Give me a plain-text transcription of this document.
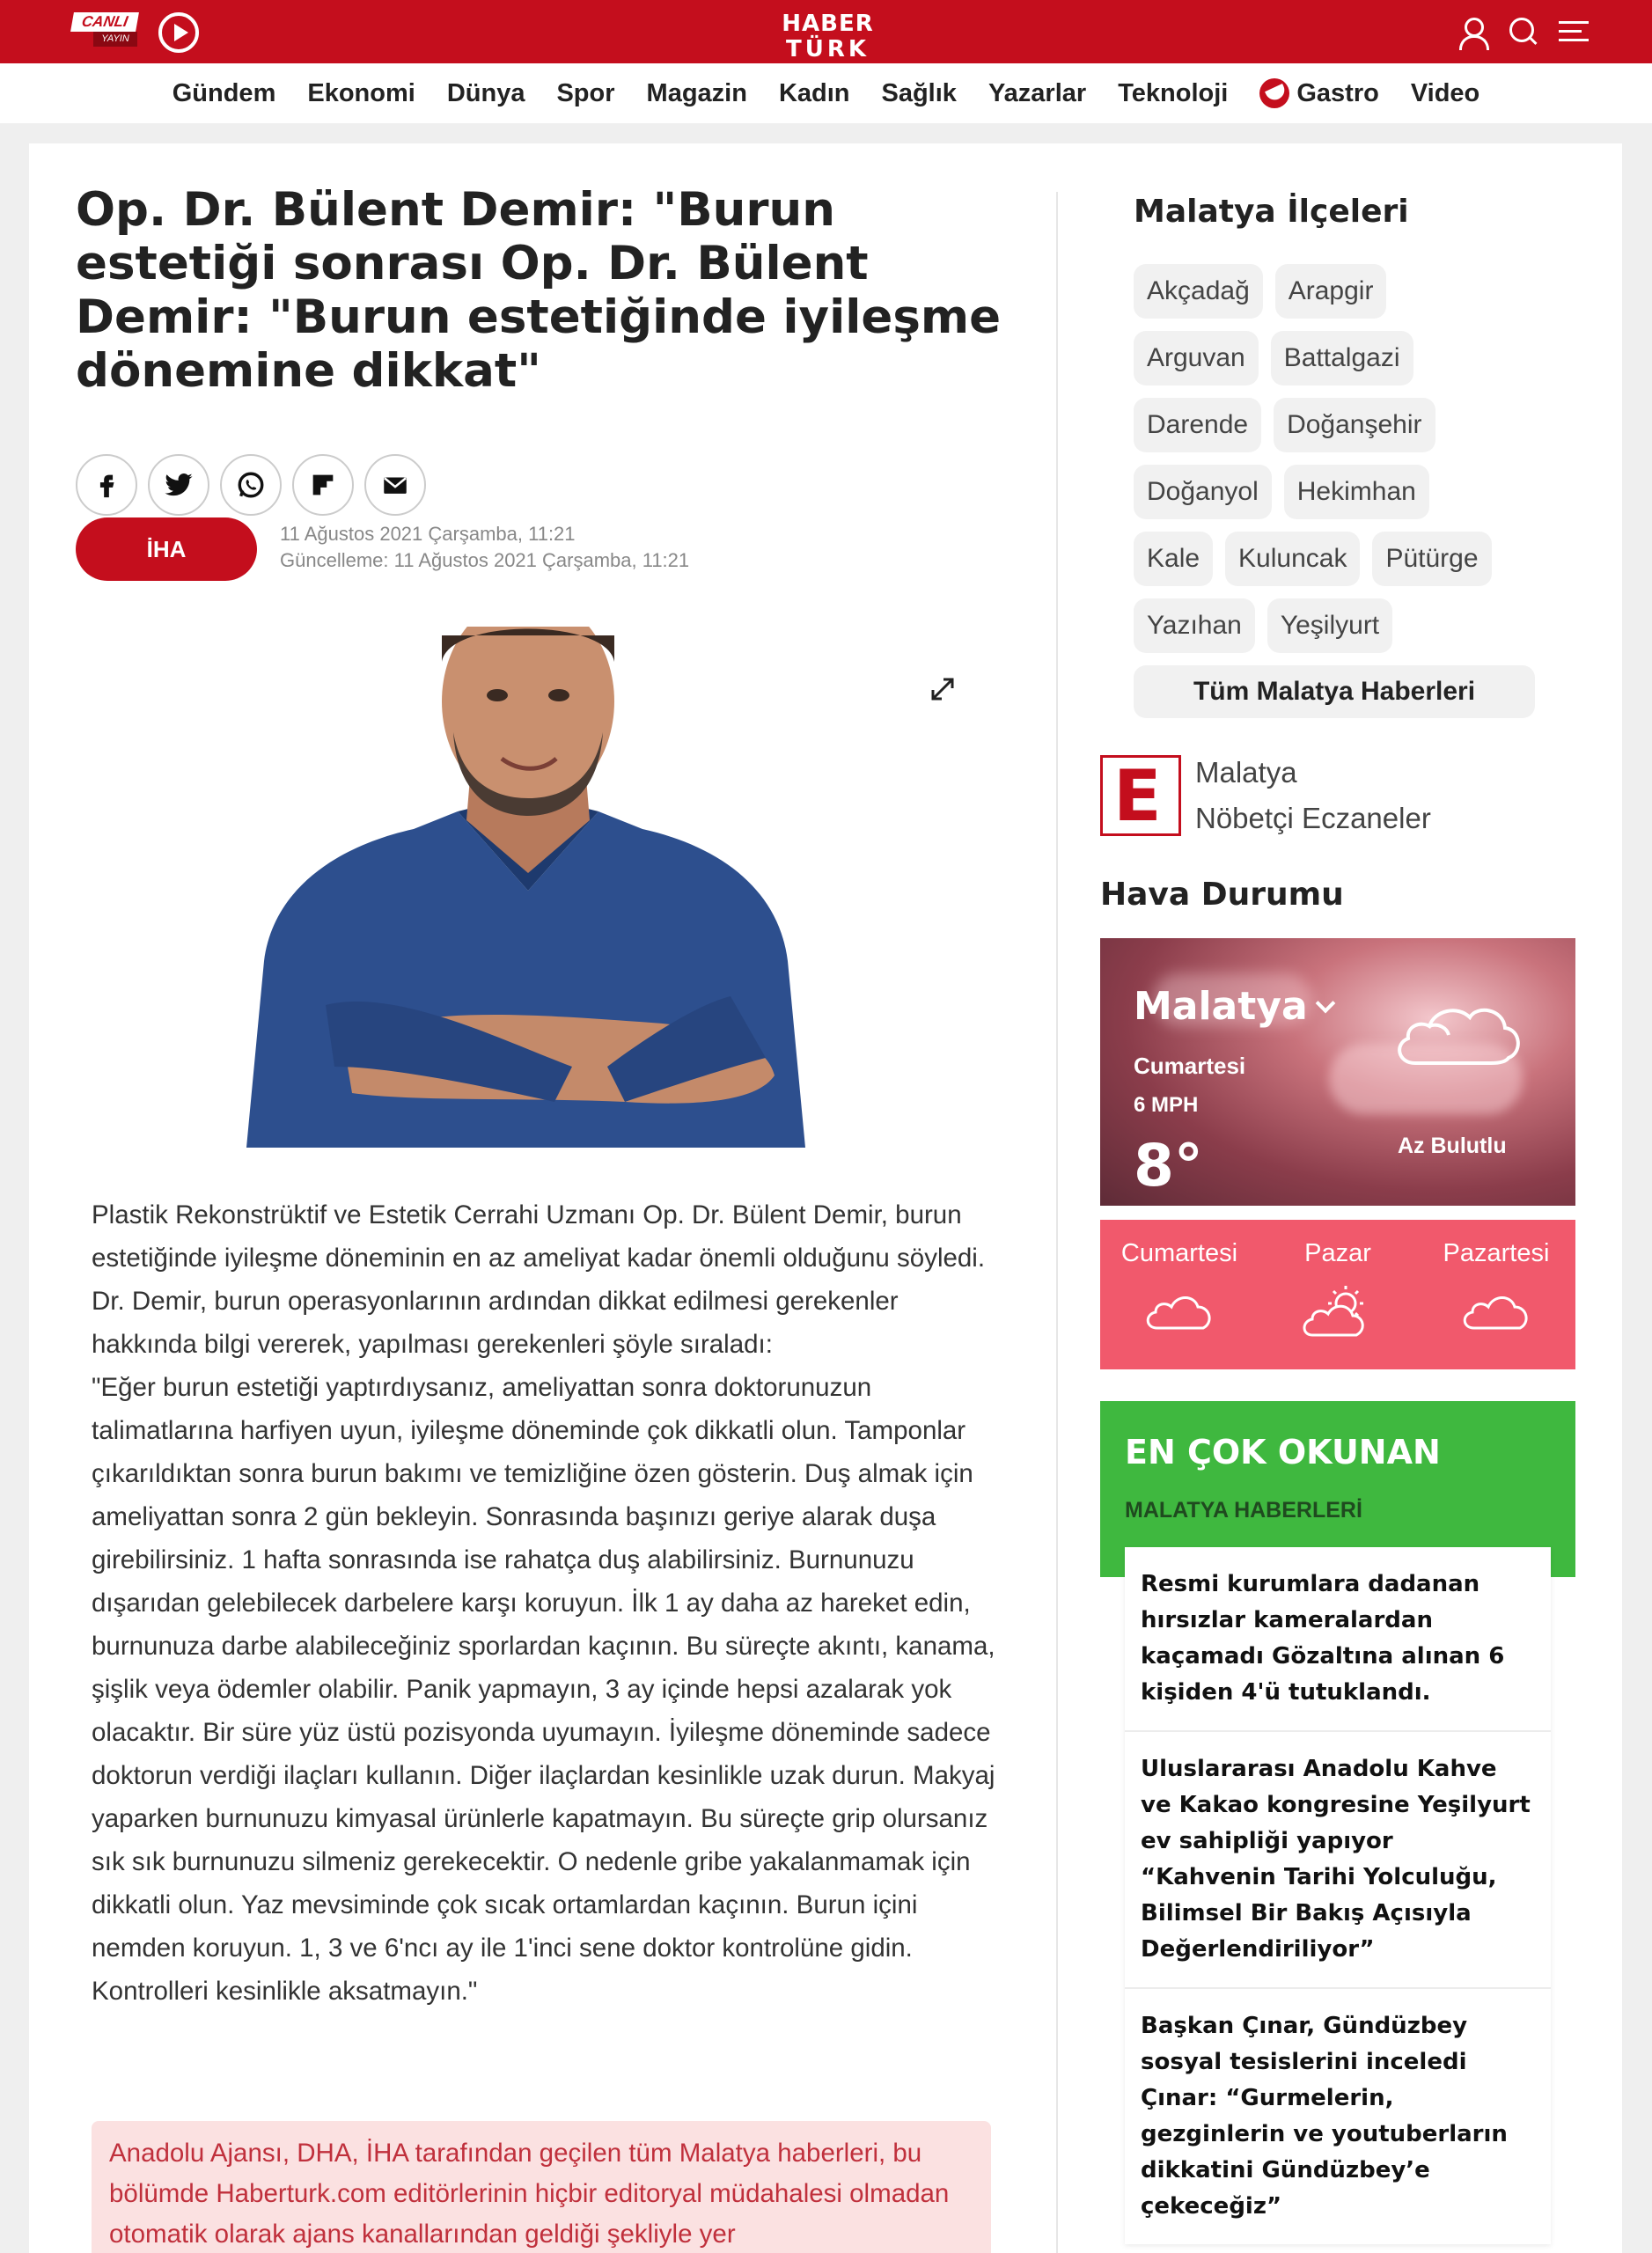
CANLI
YAYIN
HABER
TÜRK
Gündem Ekonomi Dünya Spor Magazin Kadın Sağlık Yazarlar Teknoloji	Gastro Video
Op. Dr. Bülent Demir: "Burun estetiği sonrası Op. Dr. Bülent Demir: "Burun estetiğinde iyileşme dönemine dikkat"
İHA
11 Ağustos 2021 Çarşamba, 11:21
Güncelleme: 11 Ağustos 2021 Çarşamba, 11:21

Plastik Rekonstrüktif ve Estetik Cerrahi Uzmanı Op. Dr. Bülent Demir, burun estetiğinde iyileşme döneminin en az ameliyat kadar önemli olduğunu söyledi.

Dr. Demir, burun operasyonlarının ardından dikkat edilmesi gerekenler hakkında bilgi vererek, yapılması gerekenleri şöyle sıraladı:

"Eğer burun estetiği yaptırdıysanız, ameliyattan sonra doktorunuzun talimatlarına harfiyen uyun, iyileşme döneminde çok dikkatli olun. Tamponlar çıkarıldıktan sonra burun bakımı ve temizliğine özen gösterin. Duş almak için ameliyattan sonra 2 gün bekleyin. Sonrasında başınızı geriye alarak duşa girebilirsiniz. 1 hafta sonrasında ise rahatça duş alabilirsiniz. Burnunuzu dışarıdan gelebilecek darbelere karşı koruyun. İlk 1 ay daha az hareket edin, burnunuza darbe alabileceğiniz sporlardan kaçının. Bu süreçte akıntı, kanama, şişlik veya ödemler olabilir. Panik yapmayın, 3 ay içinde hepsi azalarak yok olacaktır. Bir süre yüz üstü pozisyonda uyumayın. İyileşme döneminde sadece doktorun verdiği ilaçları kullanın. Diğer ilaçlardan kesinlikle uzak durun. Makyaj yaparken burnunuzu kimyasal ürünlerle kapatmayın. Bu süreçte grip olursanız sık sık burnunuzu silmeniz gerekecektir. O nedenle gribe yakalanmamak için dikkatli olun. Yaz mevsiminde çok sıcak ortamlardan kaçının. Burun içini nemden koruyun. 1, 3 ve 6'ncı ay ile 1'inci sene doktor kontrolüne gidin. Kontrolleri kesinlikle aksatmayın."

Anadolu Ajansı, DHA, İHA tarafından geçilen tüm Malatya haberleri, bu bölümde Haberturk.com editörlerinin hiçbir editoryal müdahalesi olmadan otomatik olarak ajans kanallarından geldiği şekliyle yer
Malatya İlçeleri
Akçadağ	Arapgir
Arguvan	Battalgazi
Darende	Doğanşehir
Doğanyol	Hekimhan
Kale	Kuluncak	Pütürge
Yazıhan	Yeşilyurt
Tüm Malatya Haberleri
E Malatya
Nöbetçi Eczaneler
Hava Durumu
Malatya
Cumartesi
6 MPH
8°	Az Bulutlu
Cumartesi	Pazar	Pazartesi
EN ÇOK OKUNAN
MALATYA HABERLERİ
Resmi kurumlara dadanan hırsızlar kameralardan kaçamadı Gözaltına alınan 6 kişiden 4'ü tutuklandı.
Uluslararası Anadolu Kahve ve Kakao kongresine Yeşilyurt ev sahipliği yapıyor “Kahvenin Tarihi Yolculuğu, Bilimsel Bir Bakış Açısıyla Değerlendiriliyor”
Başkan Çınar, Gündüzbey sosyal tesislerini inceledi Çınar: “Gurmelerin, gezginlerin ve youtuberların dikkatini Gündüzbey’e çekeceğiz”
